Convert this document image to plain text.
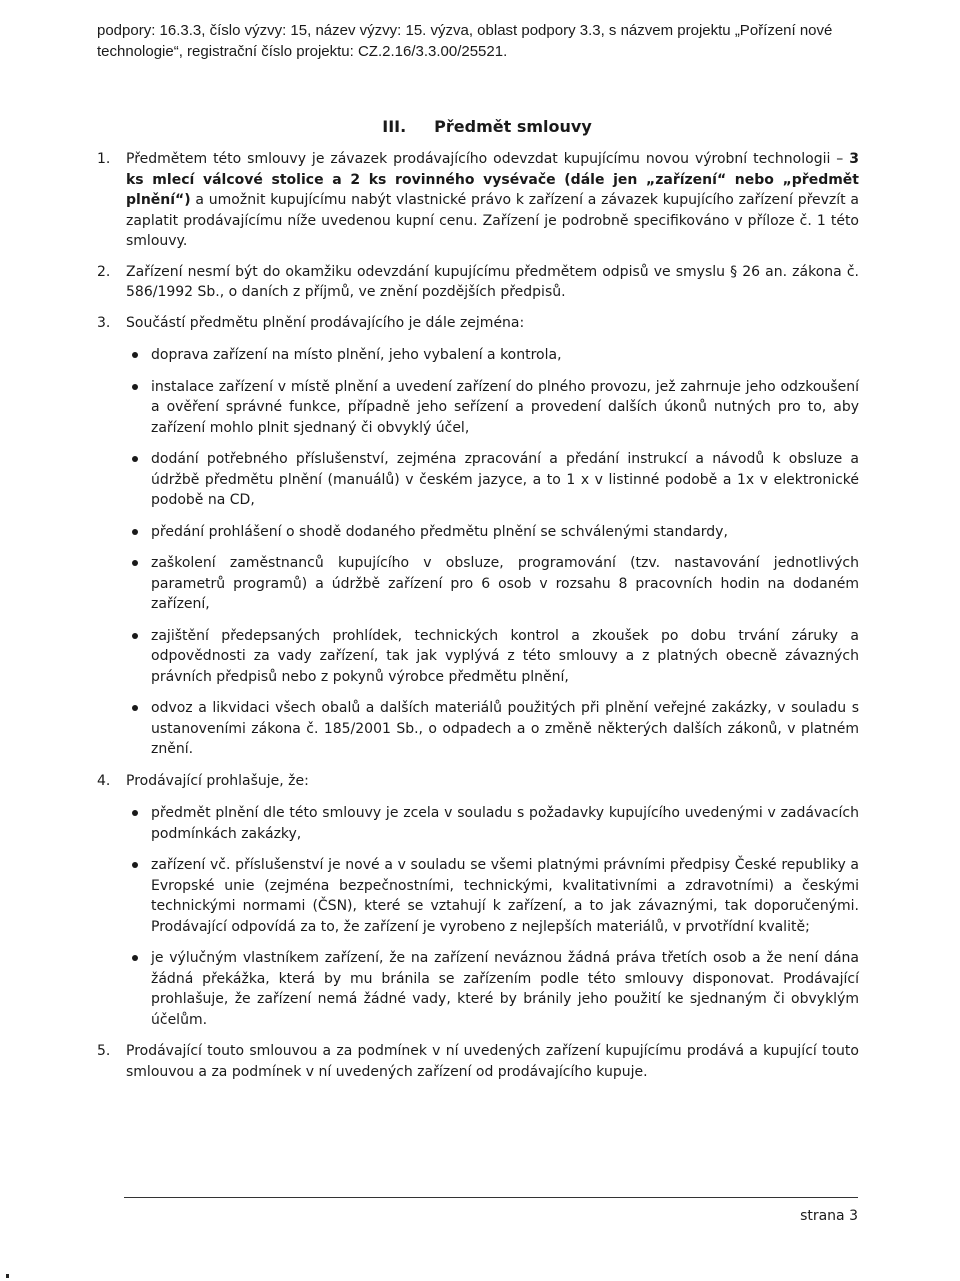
podpory: 16.3.3, číslo výzvy: 15, název výzvy: 15. výzva, oblast podpory 3.3, s názvem projektu „Pořízení nové technologie“, registrační číslo projektu: CZ.2.16/3.3.00/25521.
III. Předmět smlouvy
1. Předmětem této smlouvy je závazek prodávajícího odevzdat kupujícímu novou výrobní technologii – 3 ks mlecí válcové stolice a 2 ks rovinného vysévače (dále jen „zařízení“ nebo „předmět plnění“) a umožnit kupujícímu nabýt vlastnické právo k zařízení a závazek kupujícího zařízení převzít a zaplatit prodávajícímu níže uvedenou kupní cenu. Zařízení je podrobně specifikováno v příloze č. 1 této smlouvy.
2. Zařízení nesmí být do okamžiku odevzdání kupujícímu předmětem odpisů ve smyslu § 26 an. zákona č. 586/1992 Sb., o daních z příjmů, ve znění pozdějších předpisů.
3. Součástí předmětu plnění prodávajícího je dále zejména:
doprava zařízení na místo plnění, jeho vybalení a kontrola,
instalace zařízení v místě plnění a uvedení zařízení do plného provozu, jež zahrnuje jeho odzkoušení a ověření správné funkce, případně jeho seřízení a provedení dalších úkonů nutných pro to, aby zařízení mohlo plnit sjednaný či obvyklý účel,
dodání potřebného příslušenství, zejména zpracování a předání instrukcí a návodů k obsluze a údržbě předmětu plnění (manuálů) v českém jazyce, a to 1 x v listinné podobě a 1x v elektronické podobě na CD,
předání prohlášení o shodě dodaného předmětu plnění se schválenými standardy,
zaškolení zaměstnanců kupujícího v obsluze, programování (tzv. nastavování jednotlivých parametrů programů) a údržbě zařízení pro 6 osob v rozsahu 8 pracovních hodin na dodaném zařízení,
zajištění předepsaných prohlídek, technických kontrol a zkoušek po dobu trvání záruky a odpovědnosti za vady zařízení, tak jak vyplývá z této smlouvy a z platných obecně závazných právních předpisů nebo z pokynů výrobce předmětu plnění,
odvoz a likvidaci všech obalů a dalších materiálů použitých při plnění veřejné zakázky, v souladu s ustanoveními zákona č. 185/2001 Sb., o odpadech a o změně některých dalších zákonů, v platném znění.
4. Prodávající prohlašuje, že:
předmět plnění dle této smlouvy je zcela v souladu s požadavky kupujícího uvedenými v zadávacích podmínkách zakázky,
zařízení vč. příslušenství je nové a v souladu se všemi platnými právními předpisy České republiky a Evropské unie (zejména bezpečnostními, technickými, kvalitativními a zdravotními) a českými technickými normami (ČSN), které se vztahují k zařízení, a to jak závaznými, tak doporučenými. Prodávající odpovídá za to, že zařízení je vyrobeno z nejlepších materiálů, v prvotřídní kvalitě;
je výlučným vlastníkem zařízení, že na zařízení neváznou žádná práva třetích osob a že není dána žádná překážka, která by mu bránila se zařízením podle této smlouvy disponovat. Prodávající prohlašuje, že zařízení nemá žádné vady, které by bránily jeho použití ke sjednaným či obvyklým účelům.
5. Prodávající touto smlouvou a za podmínek v ní uvedených zařízení kupujícímu prodává a kupující touto smlouvou a za podmínek v ní uvedených zařízení od prodávajícího kupuje.
strana 3
